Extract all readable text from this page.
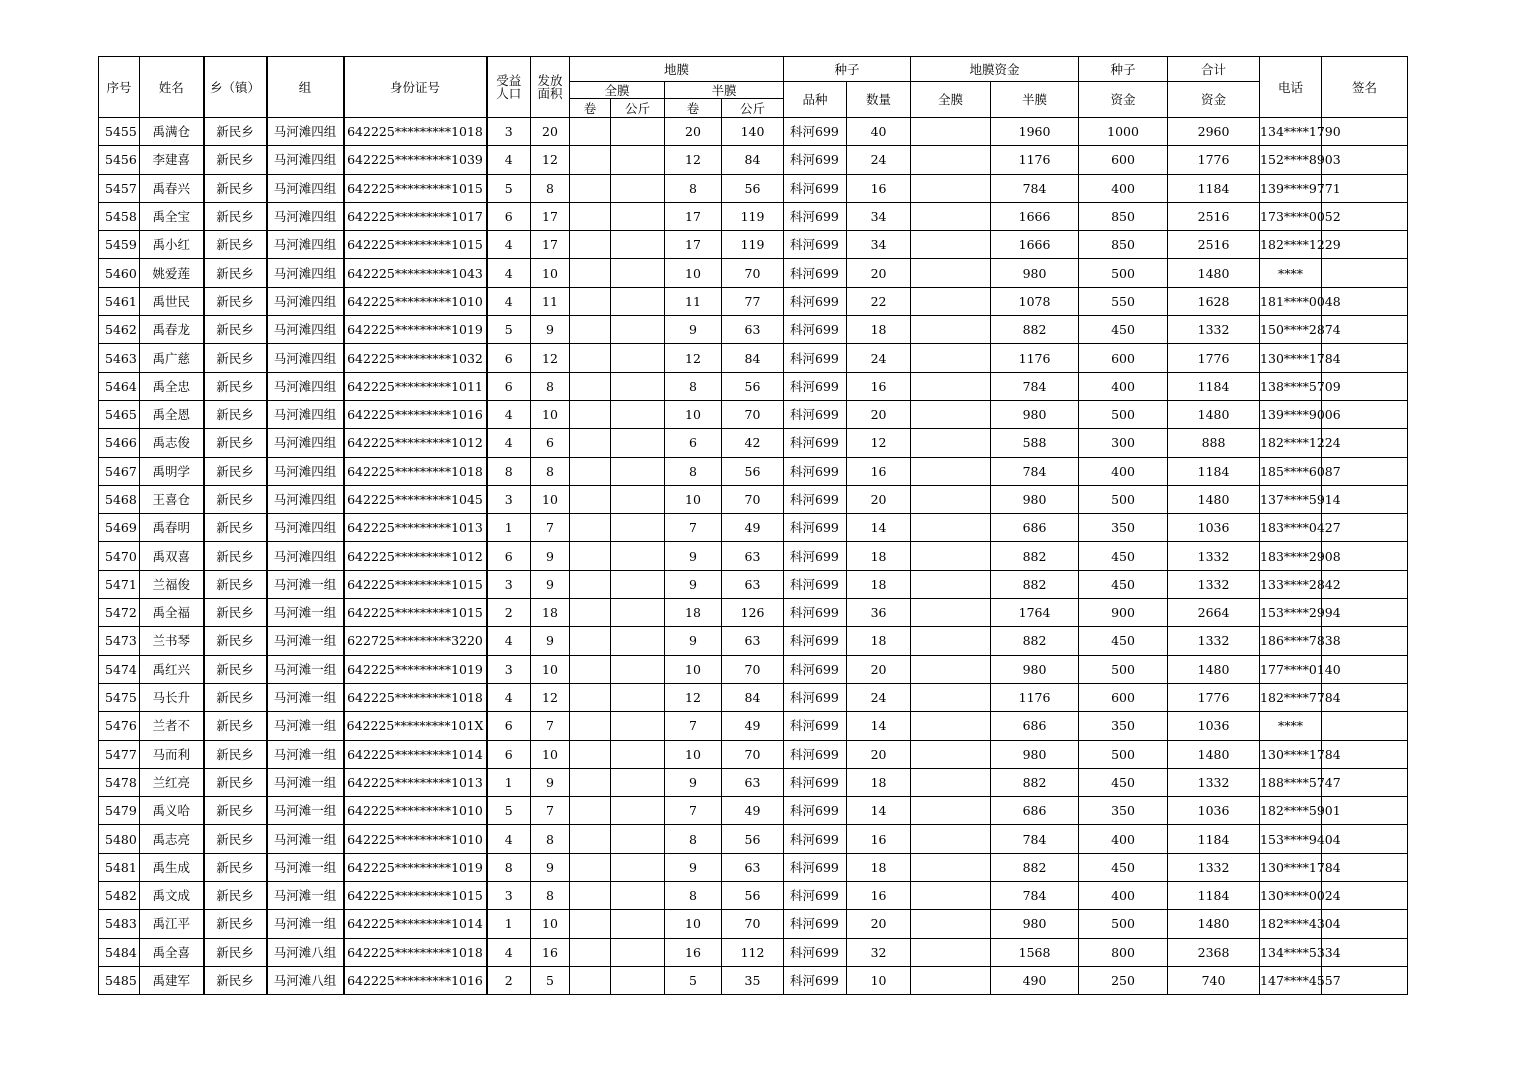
序号	姓名	乡（镇）	组	身份证号	受益人口	发放面积	地膜				种子		地膜资金		种子	合计	电话	签名
							全膜		半膜		品种	数量	全膜	半膜	资金	资金		
							卷	公斤	卷	公斤								
5455	禹满仓	新民乡	马河滩四组	642225*********1018	3	20			20	140	科河699	40		1960	1000	2960	134****1790	
5456	李建喜	新民乡	马河滩四组	642225*********1039	4	12			12	84	科河699	24		1176	600	1776	152****8903	
5457	禹春兴	新民乡	马河滩四组	642225*********1015	5	8			8	56	科河699	16		784	400	1184	139****9771	
5458	禹全宝	新民乡	马河滩四组	642225*********1017	6	17			17	119	科河699	34		1666	850	2516	173****0052	
5459	禹小红	新民乡	马河滩四组	642225*********1015	4	17			17	119	科河699	34		1666	850	2516	182****1229	
5460	姚爱莲	新民乡	马河滩四组	642225*********1043	4	10			10	70	科河699	20		980	500	1480	****	
5461	禹世民	新民乡	马河滩四组	642225*********1010	4	11			11	77	科河699	22		1078	550	1628	181****0048	
5462	禹春龙	新民乡	马河滩四组	642225*********1019	5	9			9	63	科河699	18		882	450	1332	150****2874	
5463	禹广慈	新民乡	马河滩四组	642225*********1032	6	12			12	84	科河699	24		1176	600	1776	130****1784	
5464	禹全忠	新民乡	马河滩四组	642225*********1011	6	8			8	56	科河699	16		784	400	1184	138****5709	
5465	禹全恩	新民乡	马河滩四组	642225*********1016	4	10			10	70	科河699	20		980	500	1480	139****9006	
5466	禹志俊	新民乡	马河滩四组	642225*********1012	4	6			6	42	科河699	12		588	300	888	182****1224	
5467	禹明学	新民乡	马河滩四组	642225*********1018	8	8			8	56	科河699	16		784	400	1184	185****6087	
5468	王喜仓	新民乡	马河滩四组	642225*********1045	3	10			10	70	科河699	20		980	500	1480	137****5914	
5469	禹春明	新民乡	马河滩四组	642225*********1013	1	7			7	49	科河699	14		686	350	1036	183****0427	
5470	禹双喜	新民乡	马河滩四组	642225*********1012	6	9			9	63	科河699	18		882	450	1332	183****2908	
5471	兰福俊	新民乡	马河滩一组	642225*********1015	3	9			9	63	科河699	18		882	450	1332	133****2842	
5472	禹全福	新民乡	马河滩一组	642225*********1015	2	18			18	126	科河699	36		1764	900	2664	153****2994	
5473	兰书琴	新民乡	马河滩一组	622725*********3220	4	9			9	63	科河699	18		882	450	1332	186****7838	
5474	禹红兴	新民乡	马河滩一组	642225*********1019	3	10			10	70	科河699	20		980	500	1480	177****0140	
5475	马长升	新民乡	马河滩一组	642225*********1018	4	12			12	84	科河699	24		1176	600	1776	182****7784	
5476	兰者不	新民乡	马河滩一组	642225*********101X	6	7			7	49	科河699	14		686	350	1036	****	
5477	马而利	新民乡	马河滩一组	642225*********1014	6	10			10	70	科河699	20		980	500	1480	130****1784	
5478	兰红亮	新民乡	马河滩一组	642225*********1013	1	9			9	63	科河699	18		882	450	1332	188****5747	
5479	禹义哈	新民乡	马河滩一组	642225*********1010	5	7			7	49	科河699	14		686	350	1036	182****5901	
5480	禹志亮	新民乡	马河滩一组	642225*********1010	4	8			8	56	科河699	16		784	400	1184	153****9404	
5481	禹生成	新民乡	马河滩一组	642225*********1019	8	9			9	63	科河699	18		882	450	1332	130****1784	
5482	禹文成	新民乡	马河滩一组	642225*********1015	3	8			8	56	科河699	16		784	400	1184	130****0024	
5483	禹江平	新民乡	马河滩一组	642225*********1014	1	10			10	70	科河699	20		980	500	1480	182****4304	
5484	禹全喜	新民乡	马河滩八组	642225*********1018	4	16			16	112	科河699	32		1568	800	2368	134****5334	
5485	禹建军	新民乡	马河滩八组	642225*********1016	2	5			5	35	科河699	10		490	250	740	147****4557	
